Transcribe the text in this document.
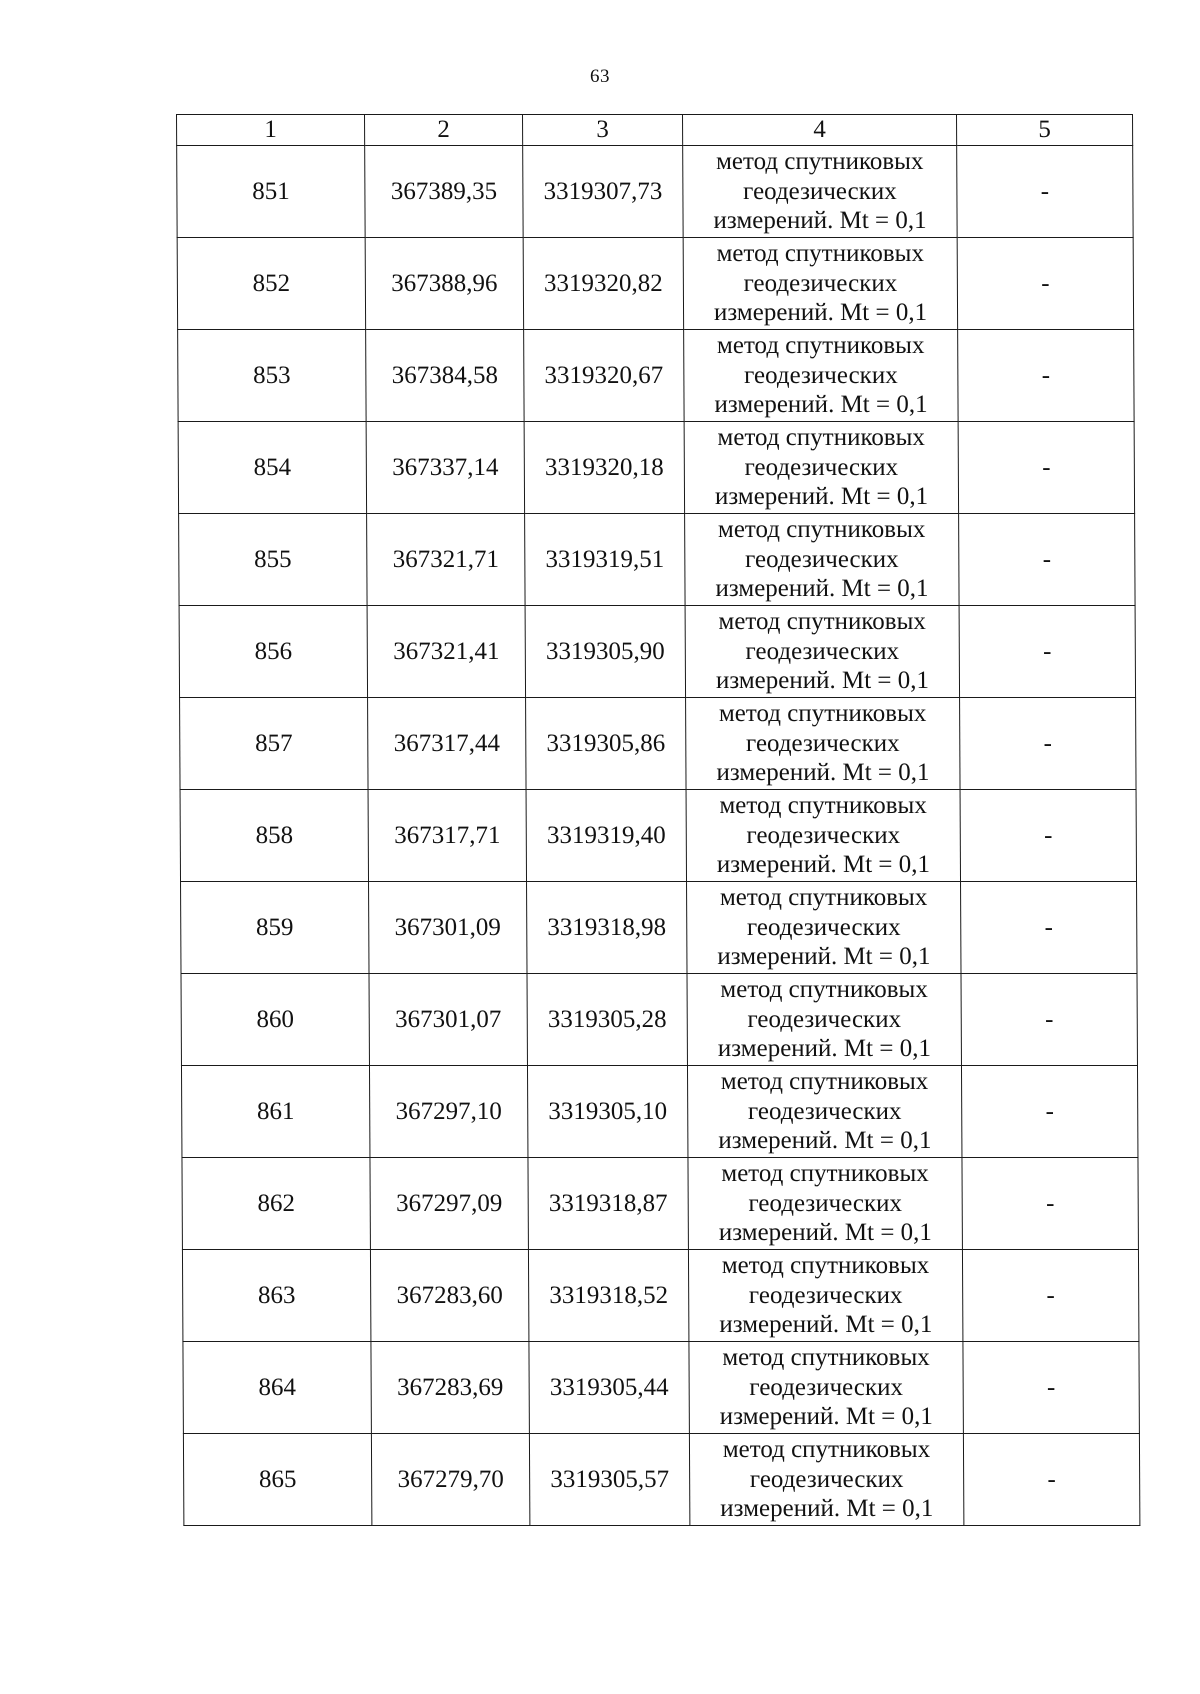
63
1	2	3	4	5
851	367389,35	3319307,73	метод спутниковых
геодезических
измерений. Mt = 0,1	-
852	367388,96	3319320,82	метод спутниковых
геодезических
измерений. Mt = 0,1	-
853	367384,58	3319320,67	метод спутниковых
геодезических
измерений. Mt = 0,1	-
854	367337,14	3319320,18	метод спутниковых
геодезических
измерений. Mt = 0,1	-
855	367321,71	3319319,51	метод спутниковых
геодезических
измерений. Mt = 0,1	-
856	367321,41	3319305,90	метод спутниковых
геодезических
измерений. Mt = 0,1	-
857	367317,44	3319305,86	метод спутниковых
геодезических
измерений. Mt = 0,1	-
858	367317,71	3319319,40	метод спутниковых
геодезических
измерений. Mt = 0,1	-
859	367301,09	3319318,98	метод спутниковых
геодезических
измерений. Mt = 0,1	-
860	367301,07	3319305,28	метод спутниковых
геодезических
измерений. Mt = 0,1	-
861	367297,10	3319305,10	метод спутниковых
геодезических
измерений. Mt = 0,1	-
862	367297,09	3319318,87	метод спутниковых
геодезических
измерений. Mt = 0,1	-
863	367283,60	3319318,52	метод спутниковых
геодезических
измерений. Mt = 0,1	-
864	367283,69	3319305,44	метод спутниковых
геодезических
измерений. Mt = 0,1	-
865	367279,70	3319305,57	метод спутниковых
геодезических
измерений. Mt = 0,1	-
